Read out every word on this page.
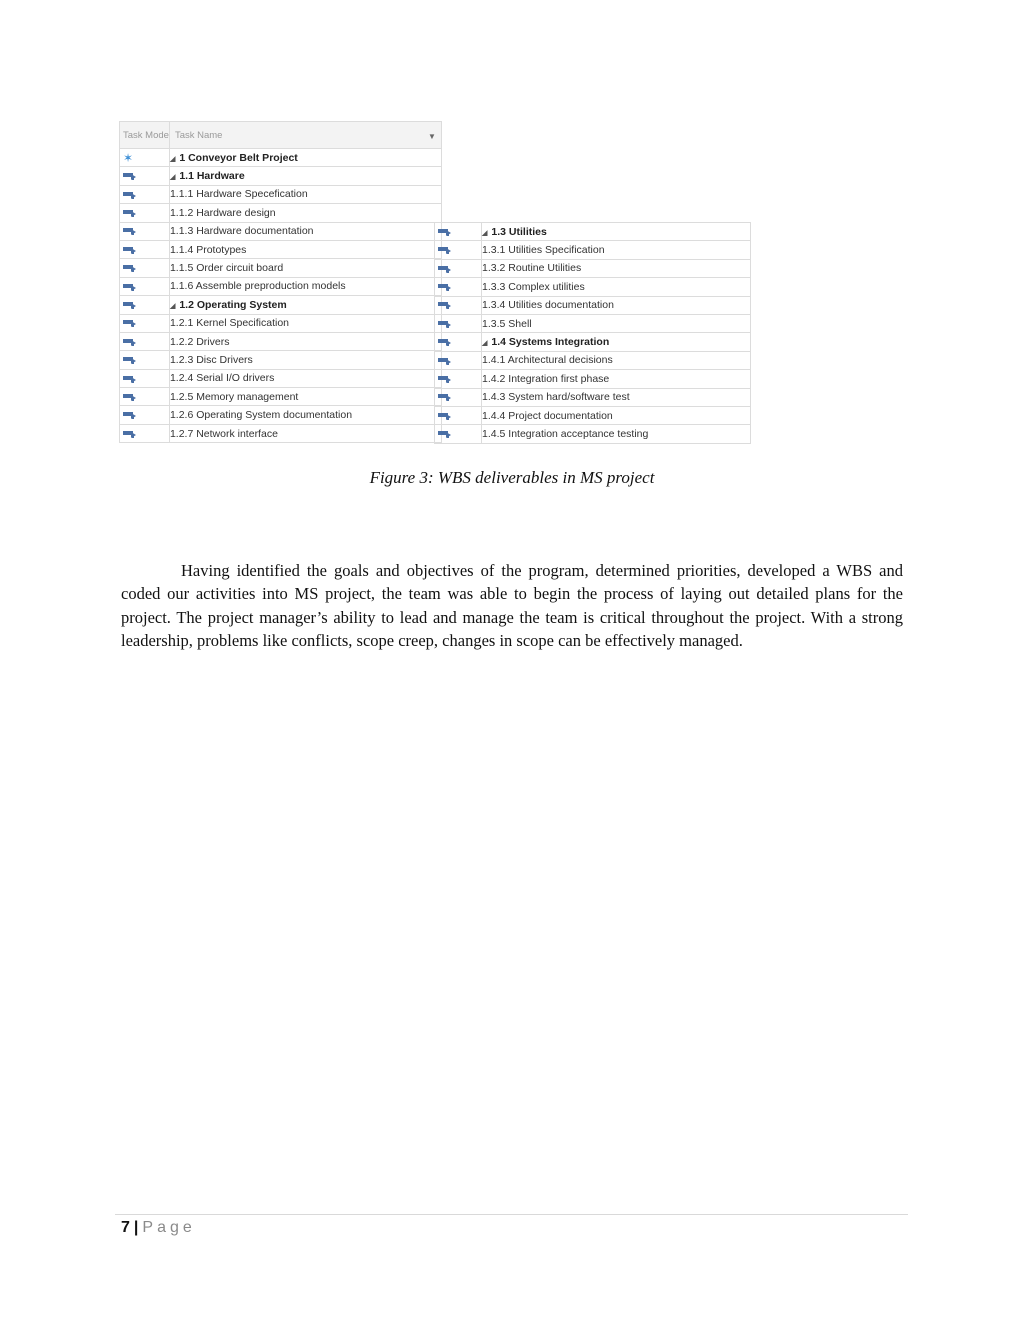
Task Mode	Task Name ▼

✶	◢ 1 Conveyor Belt Project

	◢ 1.1 Hardware

	1.1.1 Hardware Specefication

	1.1.2 Hardware design

	1.1.3 Hardware documentation

	1.1.4 Prototypes

	1.1.5 Order circuit board

	1.1.6 Assemble preproduction models

	◢ 1.2 Operating System

	1.2.1 Kernel Specification

	1.2.2 Drivers

	1.2.3 Disc Drivers

	1.2.4 Serial I/O drivers

	1.2.5 Memory management

	1.2.6 Operating System documentation

	1.2.7 Network interface
	◢ 1.3 Utilities

	1.3.1 Utilities Specification

	1.3.2 Routine Utilities

	1.3.3 Complex utilities

	1.3.4 Utilities documentation

	1.3.5 Shell

	◢ 1.4 Systems Integration

	1.4.1 Architectural decisions

	1.4.2 Integration first phase

	1.4.3 System hard/software test

	1.4.4 Project documentation

	1.4.5 Integration acceptance testing
Figure 3: WBS deliverables in MS project

Having identified the goals and objectives of the program, determined priorities, developed a WBS and coded our activities into MS project, the team was able to begin the process of laying out detailed plans for the project. The project manager’s ability to lead and manage the team is critical throughout the project. With a strong leadership, problems like conflicts, scope creep, changes in scope can be effectively managed.

7 | Page
